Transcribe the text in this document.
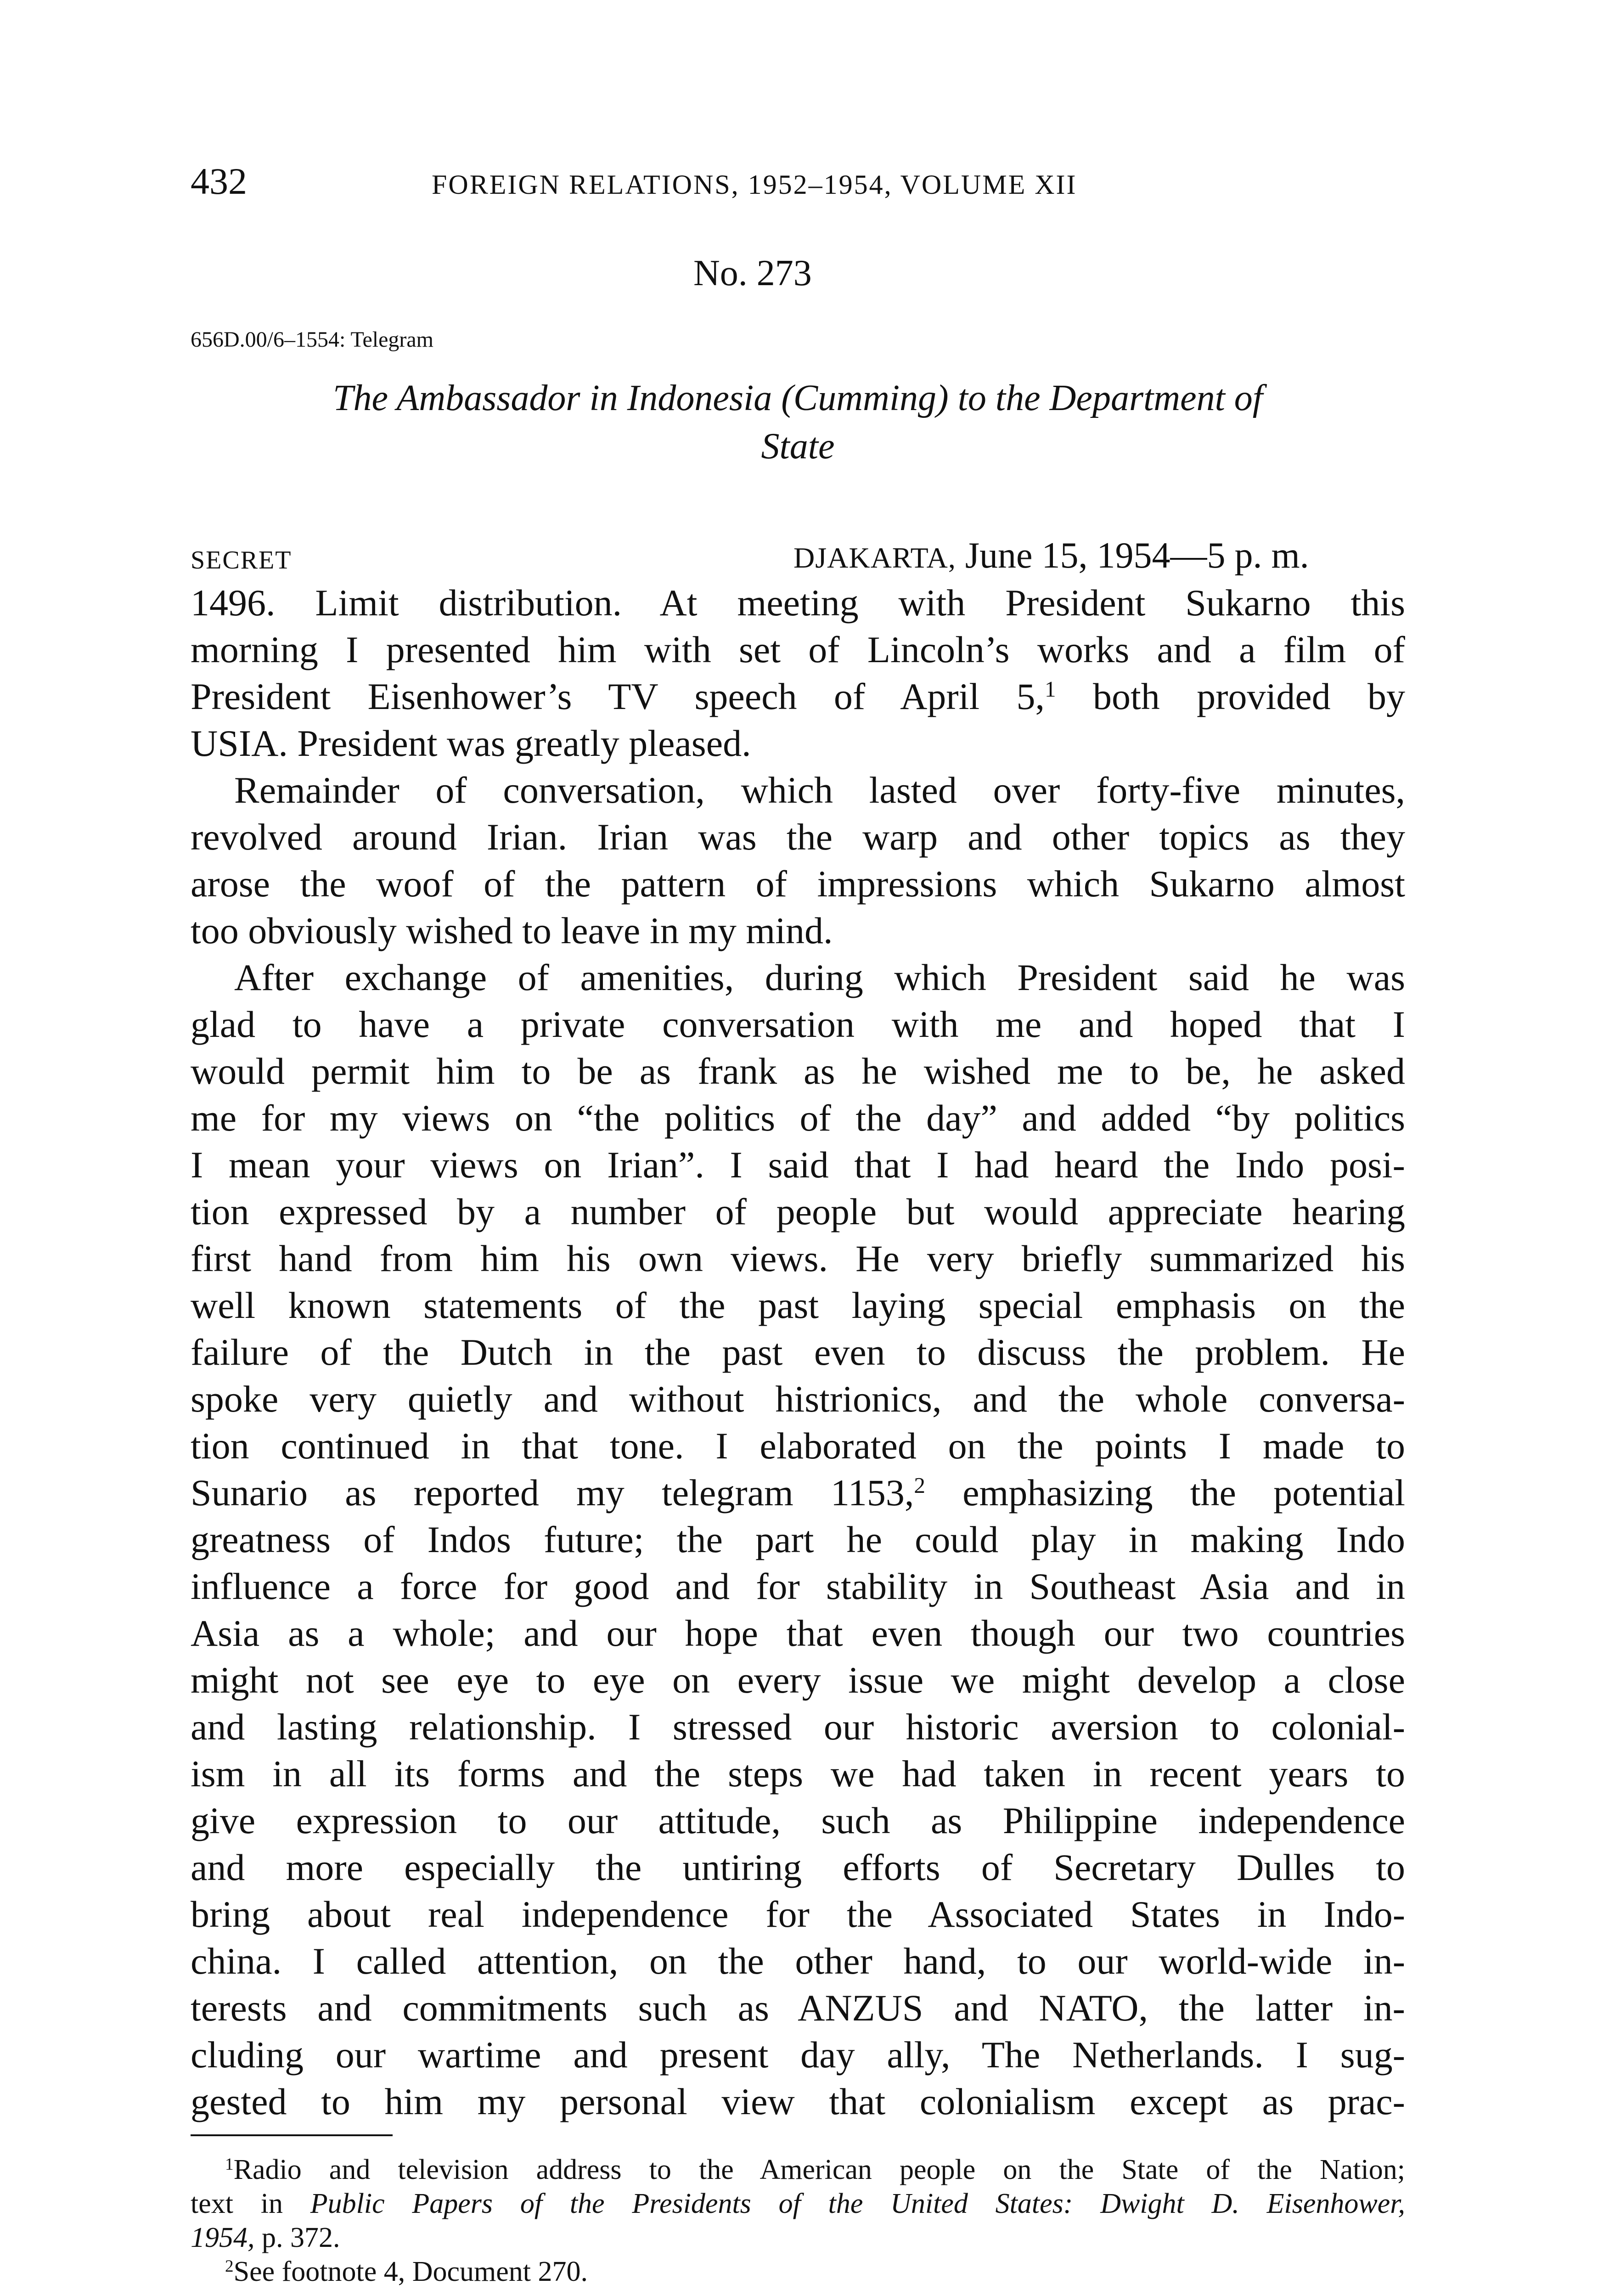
432	FOREIGN RELATIONS, 1952–1954, VOLUME XII
No. 273
656D.00/6–1554: Telegram
The Ambassador in Indonesia (Cumming) to the Department of
State
SECRET	DJAKARTA, June 15, 1954—5 p. m.
1496. Limit distribution. At meeting with President Sukarno this
morning I presented him with set of Lincoln’s works and a film of
President Eisenhower’s TV speech of April 5,$^1$ both provided by
USIA. President was greatly pleased.
Remainder of conversation, which lasted over forty-five minutes,
revolved around Irian. Irian was the warp and other topics as they
arose the woof of the pattern of impressions which Sukarno almost
too obviously wished to leave in my mind.
After exchange of amenities, during which President said he was
glad to have a private conversation with me and hoped that I
would permit him to be as frank as he wished me to be, he asked
me for my views on “the politics of the day” and added “by politics
I mean your views on Irian”. I said that I had heard the Indo posi-
tion expressed by a number of people but would appreciate hearing
first hand from him his own views. He very briefly summarized his
well known statements of the past laying special emphasis on the
failure of the Dutch in the past even to discuss the problem. He
spoke very quietly and without histrionics, and the whole conversa-
tion continued in that tone. I elaborated on the points I made to
Sunario as reported my telegram 1153,$^2$ emphasizing the potential
greatness of Indos future; the part he could play in making Indo
influence a force for good and for stability in Southeast Asia and in
Asia as a whole; and our hope that even though our two countries
might not see eye to eye on every issue we might develop a close
and lasting relationship. I stressed our historic aversion to colonial-
ism in all its forms and the steps we had taken in recent years to
give expression to our attitude, such as Philippine independence
and more especially the untiring efforts of Secretary Dulles to
bring about real independence for the Associated States in Indo-
china. I called attention, on the other hand, to our world-wide in-
terests and commitments such as ANZUS and NATO, the latter in-
cluding our wartime and present day ally, The Netherlands. I sug-
gested to him my personal view that colonialism except as prac-
$^1$Radio and television address to the American people on the State of the Nation;
text in Public Papers of the Presidents of the United States: Dwight D. Eisenhower,
1954, p. 372.
$^2$See footnote 4, Document 270.
